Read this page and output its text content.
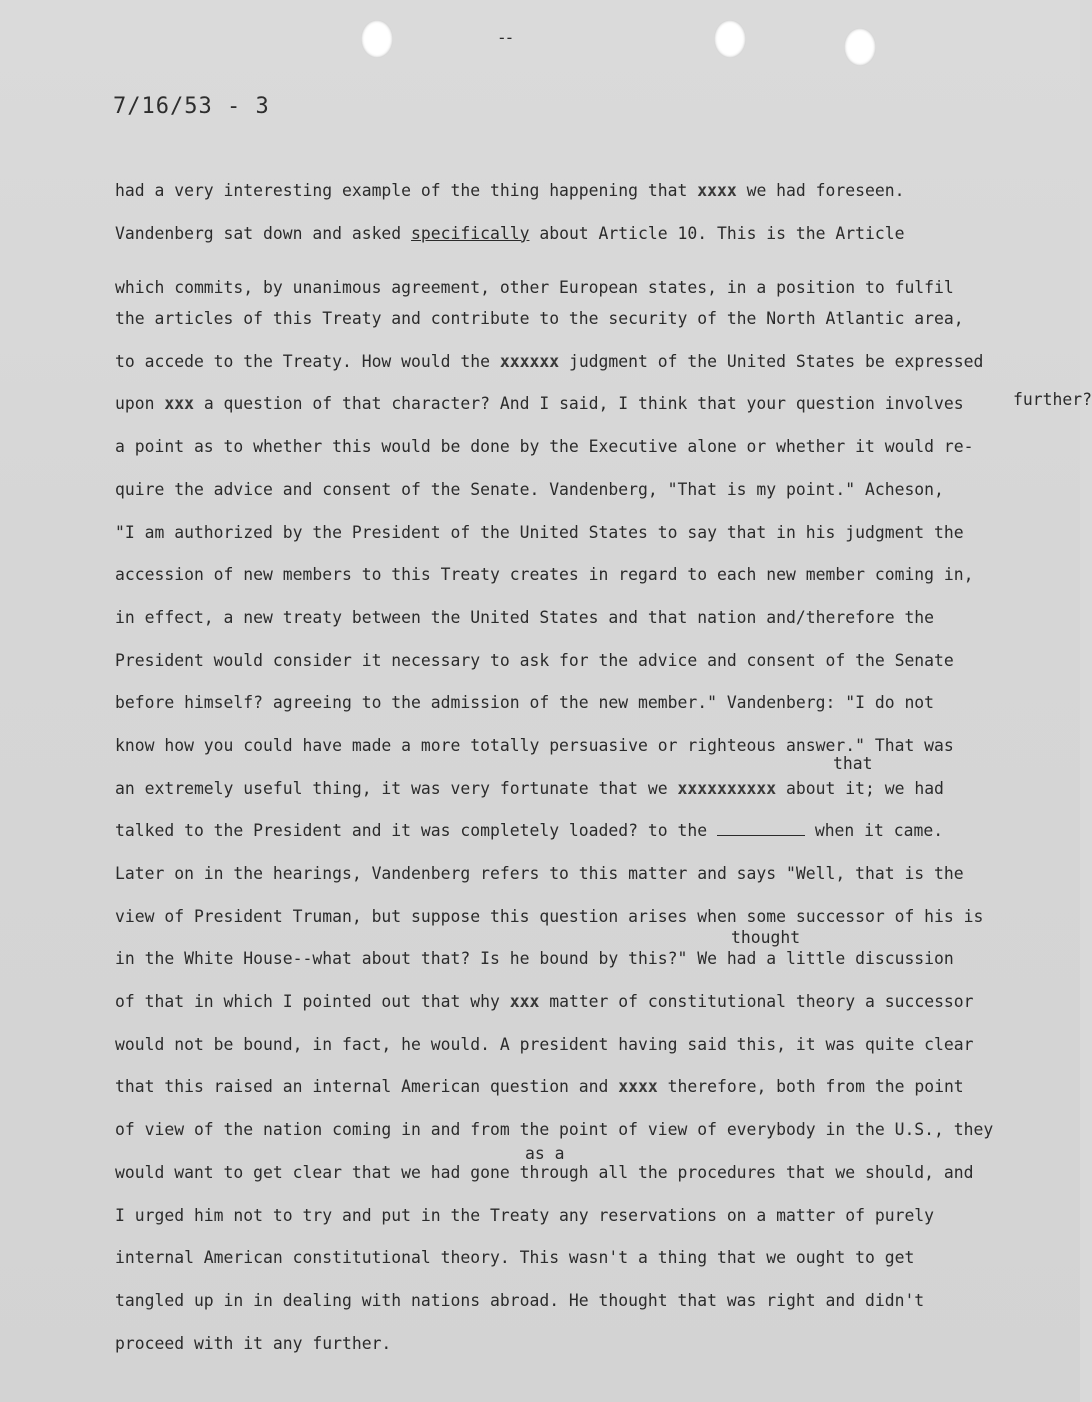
--
7/16/53 - 3
further?
that
thought
as a
had a very interesting example of the thing happening that xxxx we had foreseen.
Vandenberg sat down and asked specifically about Article 10. This is the Article
which commits, by unanimous agreement, other European states, in a position to fulfil
the articles of this Treaty and contribute to the security of the North Atlantic area,
to accede to the Treaty. How would the xxxxxx judgment of the United States be expressed
upon xxx a question of that character? And I said, I think that your question involves
a point as to whether this would be done by the Executive alone or whether it would re-
quire the advice and consent of the Senate. Vandenberg, "That is my point." Acheson,
"I am authorized by the President of the United States to say that in his judgment the
accession of new members to this Treaty creates in regard to each new member coming in,
in effect, a new treaty between the United States and that nation and/therefore the
President would consider it necessary to ask for the advice and consent of the Senate
before himself? agreeing to the admission of the new member." Vandenberg: "I do not
know how you could have made a more totally persuasive or righteous answer." That was
an extremely useful thing, it was very fortunate that we xxxxxxxxxx about it; we had
talked to the President and it was completely loaded? to the	when it came.
Later on in the hearings, Vandenberg refers to this matter and says "Well, that is the
view of President Truman, but suppose this question arises when some successor of his is
in the White House--what about that? Is he bound by this?" We had a little discussion
of that in which I pointed out that why xxx matter of constitutional theory a successor
would not be bound, in fact, he would. A president having said this, it was quite clear
that this raised an internal American question and xxxx therefore, both from the point
of view of the nation coming in and from the point of view of everybody in the U.S., they
would want to get clear that we had gone through all the procedures that we should, and
I urged him not to try and put in the Treaty any reservations on a matter of purely
internal American constitutional theory. This wasn't a thing that we ought to get
tangled up in in dealing with nations abroad. He thought that was right and didn't
proceed with it any further.
